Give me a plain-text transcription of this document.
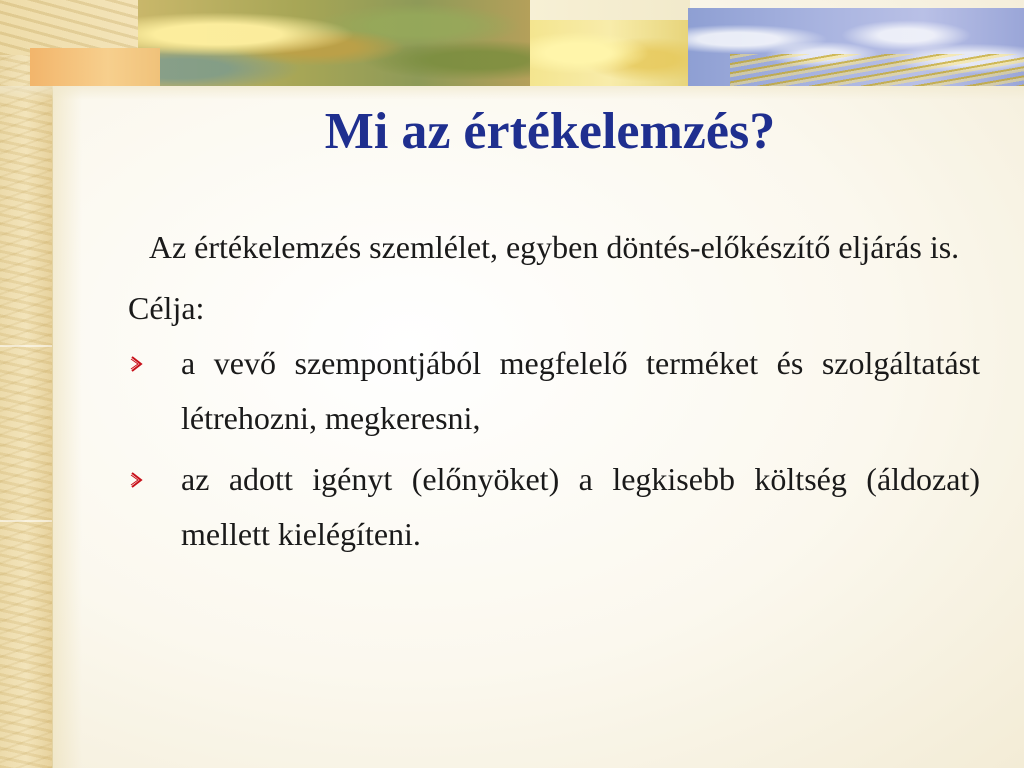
Mi az értékelemzés?

Az értékelemzés szemlélet, egyben döntés-előkészítő eljárás is.

Célja:

a vevő szempontjából megfelelő terméket és szolgáltatást létrehozni, megkeresni,

az adott igényt (előnyöket) a legkisebb költség (áldozat) mellett kielégíteni.
